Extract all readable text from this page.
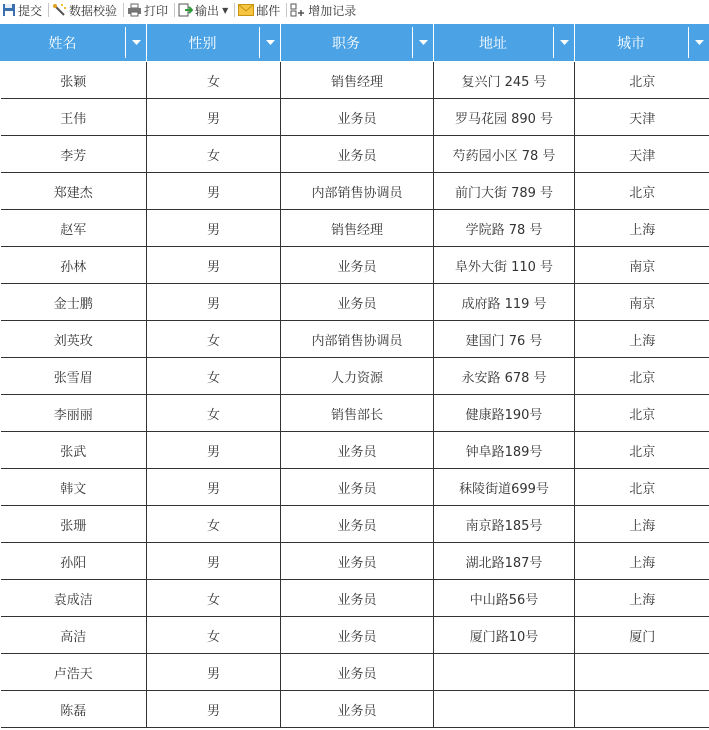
提交 数据校验 打印 输出 ▼ 邮件 增加记录
姓名	性别	职务	地址	城市

张颖	女	销售经理	复兴门 245 号	北京
王伟	男	业务员	罗马花园 890 号	天津
李芳	女	业务员	芍药园小区 78 号	天津
郑建杰	男	内部销售协调员	前门大街 789 号	北京
赵军	男	销售经理	学院路 78 号	上海
孙林	男	业务员	阜外大街 110 号	南京
金士鹏	男	业务员	成府路 119 号	南京
刘英玫	女	内部销售协调员	建国门 76 号	上海
张雪眉	女	人力资源	永安路 678 号	北京
李丽丽	女	销售部长	健康路190号	北京
张武	男	业务员	钟阜路189号	北京
韩文	男	业务员	秣陵街道699号	北京
张珊	女	业务员	南京路185号	上海
孙阳	男	业务员	湖北路187号	上海
袁成洁	女	业务员	中山路56号	上海
高洁	女	业务员	厦门路10号	厦门
卢浩天	男	业务员		
陈磊	男	业务员		
